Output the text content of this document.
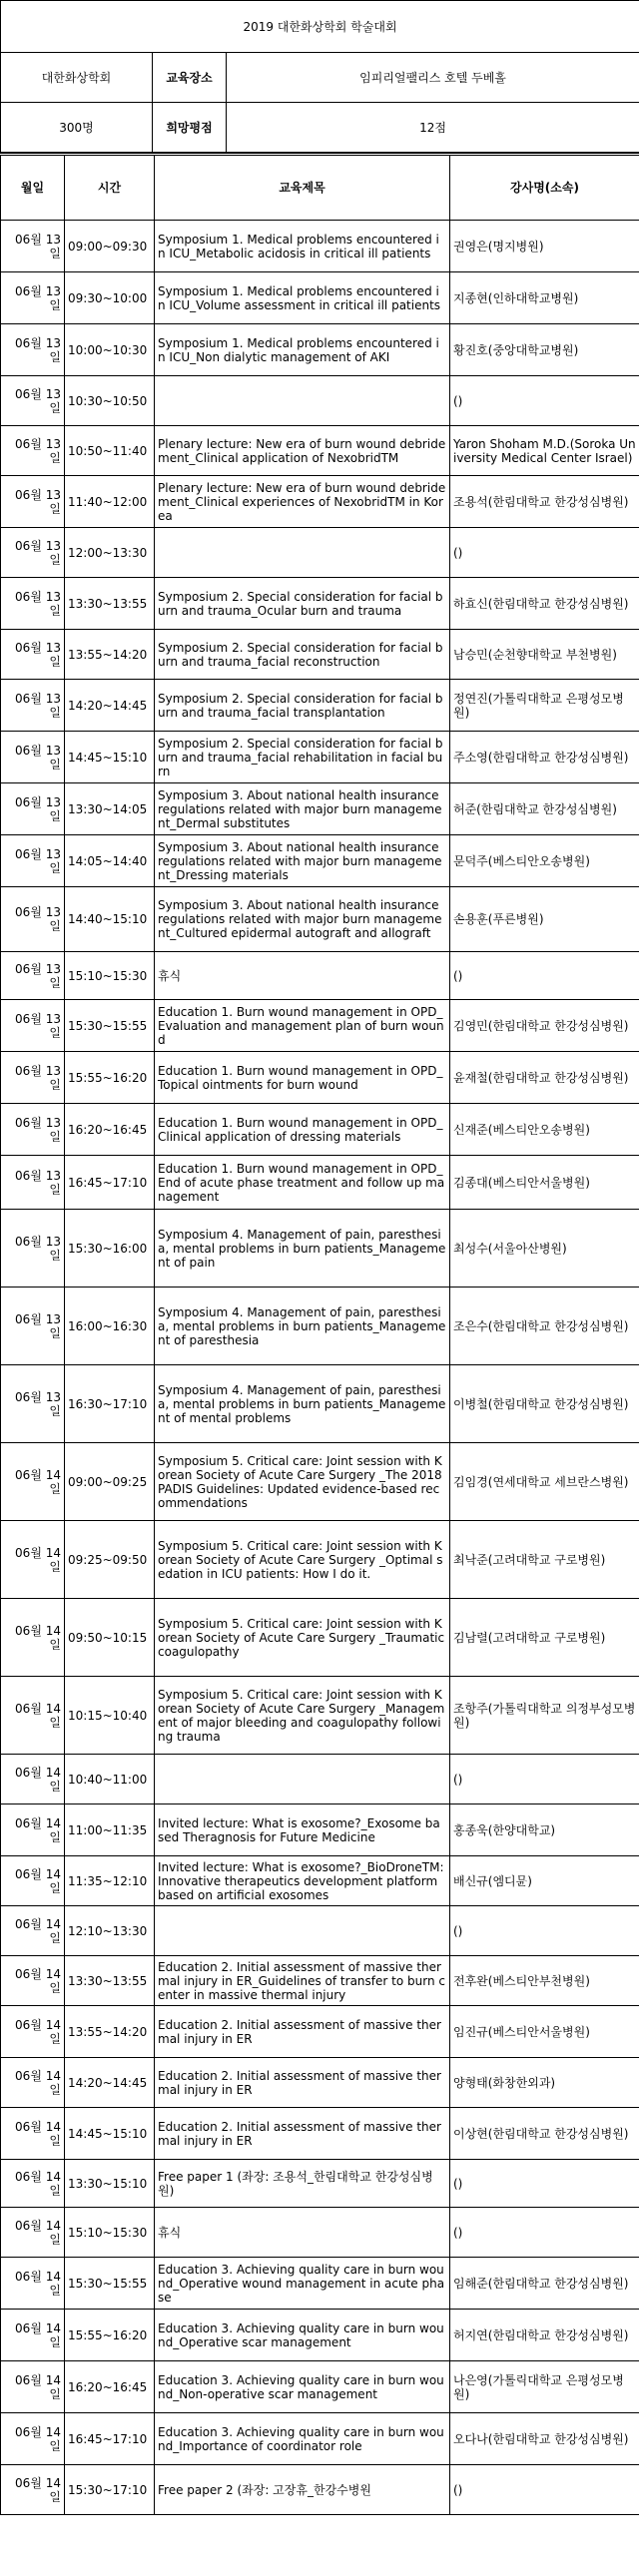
2019 대한화상학회 학술대회		
대한화상학회	교육장소	임피리얼팰리스 호텔 두베홀
300명	희망평점	12점
월일	시간	교육제목	강사명(소속)
06월 13일	09:00~09:30	Symposium 1. Medical problems encountered in ICU_Metabolic acidosis in critical ill patients	권영은(명지병원)
06월 13일	09:30~10:00	Symposium 1. Medical problems encountered in ICU_Volume assessment in critical ill patients	지종현(인하대학교병원)
06월 13일	10:00~10:30	Symposium 1. Medical problems encountered in ICU_Non dialytic management of AKI	황진호(중앙대학교병원)
06월 13일	10:30~10:50		()
06월 13일	10:50~11:40	Plenary lecture: New era of burn wound debridement_Clinical application of NexobridTM	Yaron Shoham M.D.(Soroka University Medical Center Israel)
06월 13일	11:40~12:00	Plenary lecture: New era of burn wound debridement_Clinical experiences of NexobridTM in Korea	조용석(한림대학교 한강성심병원)
06월 13일	12:00~13:30		()
06월 13일	13:30~13:55	Symposium 2. Special consideration for facial burn and trauma_Ocular burn and trauma	하효신(한림대학교 한강성심병원)
06월 13일	13:55~14:20	Symposium 2. Special consideration for facial burn and trauma_facial reconstruction	남승민(순천향대학교 부천병원)
06월 13일	14:20~14:45	Symposium 2. Special consideration for facial burn and trauma_facial transplantation	정연진(가톨릭대학교 은평성모병원)
06월 13일	14:45~15:10	Symposium 2. Special consideration for facial burn and trauma_facial rehabilitation in facial burn	주소영(한림대학교 한강성심병원)
06월 13일	13:30~14:05	Symposium 3. About national health insurance regulations related with major burn management_Dermal substitutes	허준(한림대학교 한강성심병원)
06월 13일	14:05~14:40	Symposium 3. About national health insurance regulations related with major burn management_Dressing materials	문덕주(베스티안오송병원)
06월 13일	14:40~15:10	Symposium 3. About national health insurance regulations related with major burn management_Cultured epidermal autograft and allograft	손용훈(푸른병원)
06월 13일	15:10~15:30	휴식	()
06월 13일	15:30~15:55	Education 1. Burn wound management in OPD_Evaluation and management plan of burn wound	김영민(한림대학교 한강성심병원)
06월 13일	15:55~16:20	Education 1. Burn wound management in OPD_Topical ointments for burn wound	윤재철(한림대학교 한강성심병원)
06월 13일	16:20~16:45	Education 1. Burn wound management in OPD_Clinical application of dressing materials	신재준(베스티안오송병원)
06월 13일	16:45~17:10	Education 1. Burn wound management in OPD_End of acute phase treatment and follow up management	김종대(베스티안서울병원)
06월 13일	15:30~16:00	Symposium 4. Management of pain, paresthesia, mental problems in burn patients_Management of pain	최성수(서울아산병원)
06월 13일	16:00~16:30	Symposium 4. Management of pain, paresthesia, mental problems in burn patients_Management of paresthesia	조은수(한림대학교 한강성심병원)
06월 13일	16:30~17:10	Symposium 4. Management of pain, paresthesia, mental problems in burn patients_Management of mental problems	이병철(한림대학교 한강성심병원)
06월 14일	09:00~09:25	Symposium 5. Critical care: Joint session with Korean Society of Acute Care Surgery _The 2018 PADIS Guidelines: Updated evidence-based recommendations	김임경(연세대학교 세브란스병원)
06월 14일	09:25~09:50	Symposium 5. Critical care: Joint session with Korean Society of Acute Care Surgery _Optimal sedation in ICU patients: How I do it.	최낙준(고려대학교 구로병원)
06월 14일	09:50~10:15	Symposium 5. Critical care: Joint session with Korean Society of Acute Care Surgery _Traumatic coagulopathy	김남렬(고려대학교 구로병원)
06월 14일	10:15~10:40	Symposium 5. Critical care: Joint session with Korean Society of Acute Care Surgery _Management of major bleeding and coagulopathy following trauma	조항주(가톨릭대학교 의정부성모병원)
06월 14일	10:40~11:00		()
06월 14일	11:00~11:35	Invited lecture: What is exosome?_Exosome based Theragnosis for Future Medicine	홍종욱(한양대학교)
06월 14일	11:35~12:10	Invited lecture: What is exosome?_BioDroneTM: Innovative therapeutics development platform based on artificial exosomes	배신규(엠디뮨)
06월 14일	12:10~13:30		()
06월 14일	13:30~13:55	Education 2. Initial assessment of massive thermal injury in ER_Guidelines of transfer to burn center in massive thermal injury	전후완(베스티안부천병원)
06월 14일	13:55~14:20	Education 2. Initial assessment of massive thermal injury in ER	임진규(베스티안서울병원)
06월 14일	14:20~14:45	Education 2. Initial assessment of massive thermal injury in ER	양형태(화창한외과)
06월 14일	14:45~15:10	Education 2. Initial assessment of massive thermal injury in ER	이상현(한림대학교 한강성심병원)
06월 14일	13:30~15:10	Free paper 1 (좌장: 조용석_한림대학교 한강성심병원)	()
06월 14일	15:10~15:30	휴식	()
06월 14일	15:30~15:55	Education 3. Achieving quality care in burn wound_Operative wound management in acute phase	임해준(한림대학교 한강성심병원)
06월 14일	15:55~16:20	Education 3. Achieving quality care in burn wound_Operative scar management	허지연(한림대학교 한강성심병원)
06월 14일	16:20~16:45	Education 3. Achieving quality care in burn wound_Non-operative scar management	나은영(가톨릭대학교 은평성모병원)
06월 14일	16:45~17:10	Education 3. Achieving quality care in burn wound_Importance of coordinator role	오다나(한림대학교 한강성심병원)
06월 14일	15:30~17:10	Free paper 2 (좌장: 고장휴_한강수병원	()
